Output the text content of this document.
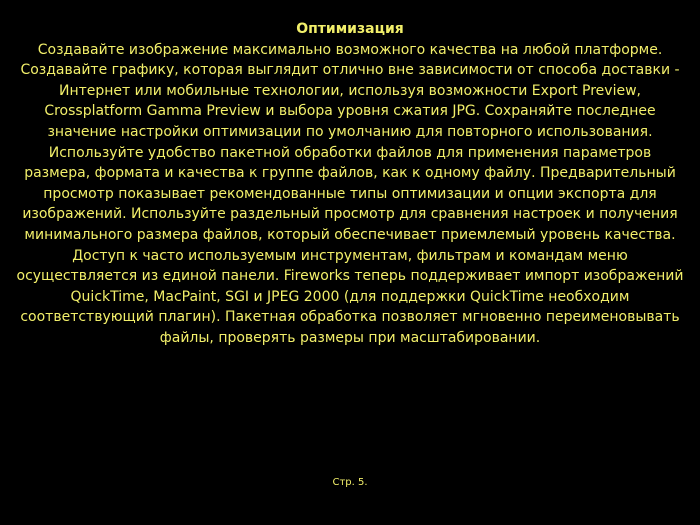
Оптимизация
Создавайте изображение максимально возможного качества на любой платформе. Создавайте графику, которая выглядит отлично вне зависимости от способа доставки - Интернет или мобильные технологии, используя возможности Export Preview, Crossplatform Gamma Preview и выбора уровня сжатия JPG. Сохраняйте последнее значение настройки оптимизации по умолчанию для повторного использования. Используйте удобство пакетной обработки файлов для применения параметров размера, формата и качества к группе файлов, как к одному файлу. Предварительный просмотр показывает рекомендованные типы оптимизации и опции экспорта для изображений. Используйте раздельный просмотр для сравнения настроек и получения минимального размера файлов, который обеспечивает приемлемый уровень качества. Доступ к часто используемым инструментам, фильтрам и командам меню осуществляется из единой панели. Fireworks теперь поддерживает импорт изображений QuickTime, MacPaint, SGI и JPEG 2000 (для поддержки QuickTime необходим соответствующий плагин). Пакетная обработка позволяет мгновенно переименовывать файлы, проверять размеры при масштабировании.
Стр. 5.
